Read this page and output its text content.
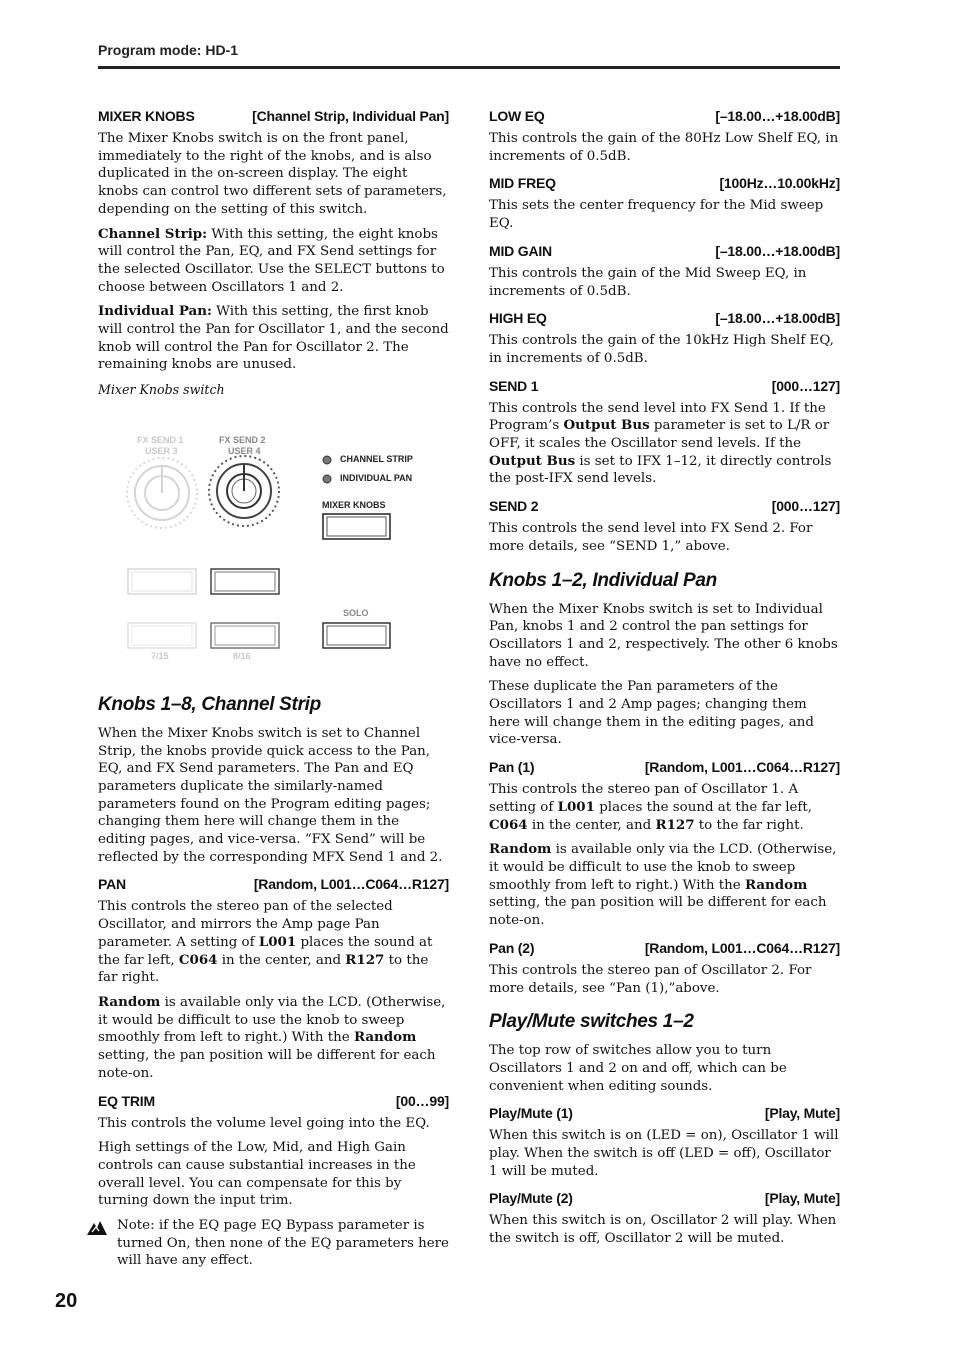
Program mode: HD-1
MIXER KNOBS	[Channel Strip, Individual Pan]

The Mixer Knobs switch is on the front panel, immediately to the right of the knobs, and is also duplicated in the on-screen display. The eight knobs can control two different sets of parameters, depending on the setting of this switch.

Channel Strip: With this setting, the eight knobs will control the Pan, EQ, and FX Send settings for the selected Oscillator. Use the SELECT buttons to choose between Oscillators 1 and 2.

Individual Pan: With this setting, the first knob will control the Pan for Oscillator 1, and the second knob will control the Pan for Oscillator 2. The remaining knobs are unused.

Mixer Knobs switch

FX SEND 1
USER 3
FX SEND 2
USER 4
CHANNEL STRIP
INDIVIDUAL PAN
MIXER KNOBS
SOLO
7/15	8/16
Knobs 1–8, Channel Strip

When the Mixer Knobs switch is set to Channel Strip, the knobs provide quick access to the Pan, EQ, and FX Send parameters. The Pan and EQ parameters duplicate the similarly-named parameters found on the Program editing pages; changing them here will change them in the editing pages, and vice-versa. “FX Send” will be reflected by the corresponding MFX Send 1 and 2.

PAN	[Random, L001…C064…R127]

This controls the stereo pan of the selected Oscillator, and mirrors the Amp page Pan parameter. A setting of L001 places the sound at the far left, C064 in the center, and R127 to the far right.

Random is available only via the LCD. (Otherwise, it would be difficult to use the knob to sweep smoothly from left to right.) With the Random setting, the pan position will be different for each note-on.

EQ TRIM	[00…99]

This controls the volume level going into the EQ.

High settings of the Low, Mid, and High Gain controls can cause substantial increases in the overall level. You can compensate for this by turning down the input trim.

Note: if the EQ page EQ Bypass parameter is turned On, then none of the EQ parameters here will have any effect.

LOW EQ	[–18.00…+18.00dB]

This controls the gain of the 80Hz Low Shelf EQ, in increments of 0.5dB.

MID FREQ	[100Hz…10.00kHz]

This sets the center frequency for the Mid sweep EQ.

MID GAIN	[–18.00…+18.00dB]

This controls the gain of the Mid Sweep EQ, in increments of 0.5dB.

HIGH EQ	[–18.00…+18.00dB]

This controls the gain of the 10kHz High Shelf EQ, in increments of 0.5dB.

SEND 1	[000…127]

This controls the send level into FX Send 1. If the Program’s Output Bus parameter is set to L/R or OFF, it scales the Oscillator send levels. If the Output Bus is set to IFX 1–12, it directly controls the post-IFX send levels.

SEND 2	[000…127]

This controls the send level into FX Send 2. For more details, see “SEND 1,” above.

Knobs 1–2, Individual Pan

When the Mixer Knobs switch is set to Individual Pan, knobs 1 and 2 control the pan settings for Oscillators 1 and 2, respectively. The other 6 knobs have no effect.

These duplicate the Pan parameters of the Oscillators 1 and 2 Amp pages; changing them here will change them in the editing pages, and vice-versa.

Pan (1)	[Random, L001…C064…R127]

This controls the stereo pan of Oscillator 1. A setting of L001 places the sound at the far left, C064 in the center, and R127 to the far right.

Random is available only via the LCD. (Otherwise, it would be difficult to use the knob to sweep smoothly from left to right.) With the Random setting, the pan position will be different for each note-on.

Pan (2)	[Random, L001…C064…R127]

This controls the stereo pan of Oscillator 2. For more details, see “Pan (1),”above.

Play/Mute switches 1–2

The top row of switches allow you to turn Oscillators 1 and 2 on and off, which can be convenient when editing sounds.

Play/Mute (1)	[Play, Mute]

When this switch is on (LED = on), Oscillator 1 will play. When the switch is off (LED = off), Oscillator 1 will be muted.

Play/Mute (2)	[Play, Mute]

When this switch is on, Oscillator 2 will play. When the switch is off, Oscillator 2 will be muted.

20
